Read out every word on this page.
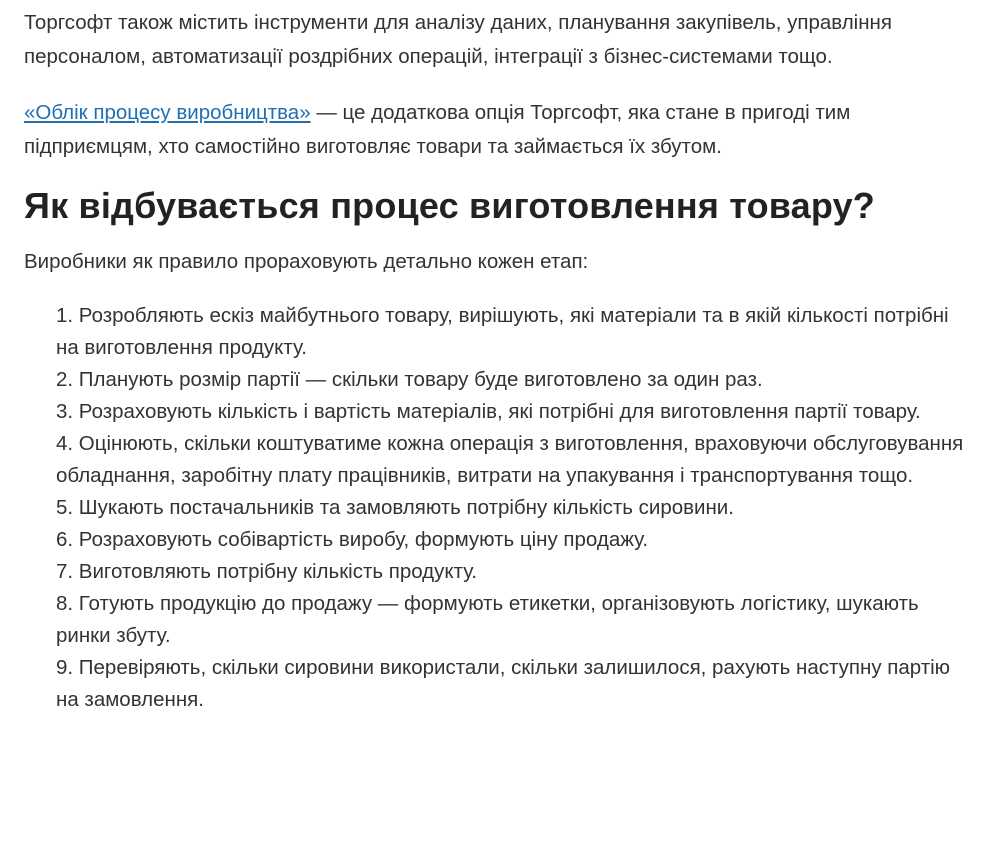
Торгсофт також містить інструменти для аналізу даних, планування закупівель, управління персоналом, автоматизації роздрібних операцій, інтеграції з бізнес-системами тощо.

«Облік процесу виробництва» — це додаткова опція Торгсофт, яка стане в пригоді тим підприємцям, хто самостійно виготовляє товари та займається їх збутом.

Як відбувається процес виготовлення товару?

Виробники як правило прораховують детально кожен етап:

1. Розробляють ескіз майбутнього товару, вирішують, які матеріали та в якій кількості потрібні на виготовлення продукту.
2. Планують розмір партії — скільки товару буде виготовлено за один раз.
3. Розраховують кількість і вартість матеріалів, які потрібні для виготовлення партії товару.
4. Оцінюють, скільки коштуватиме кожна операція з виготовлення, враховуючи обслуговування обладнання, заробітну плату працівників, витрати на упакування і транспортування тощо.
5. Шукають постачальників та замовляють потрібну кількість сировини.
6. Розраховують собівартість виробу, формують ціну продажу.
7. Виготовляють потрібну кількість продукту.
8. Готують продукцію до продажу — формують етикетки, організовують логістику, шукають ринки збуту.
9. Перевіряють, скільки сировини використали, скільки залишилося, рахують наступну партію на замовлення.
